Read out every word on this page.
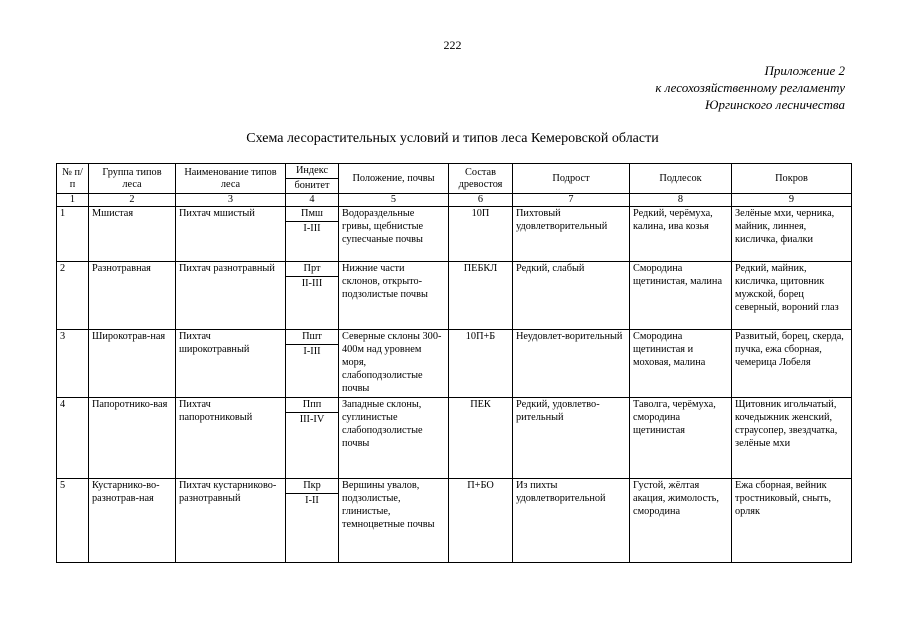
222
Приложение 2
к лесохозяйственному регламенту
Юргинского лесничества
Схема лесорастительных условий и типов леса Кемеровской области
№ п/п	Группа типов леса	Наименование типов леса	Индекс	Положение, почвы	Состав древостоя	Подрост	Подлесок	Покров
			бонитет					
1	2	3	4	5	6	7	8	9
1	Мшистая	Пихтач мшистый	Пмш	Водораздельные гривы, щебнистые супесчаные почвы	10П	Пихтовый удовлетворительный	Редкий, черёмуха, калина, ива козья	Зелёные мхи, черника, майник, линнея, кисличка, фиалки
			I-III					
2	Разнотравная	Пихтач разнотравный	Прт	Нижние части склонов, открыто-подзолистые почвы	ПЕБКЛ	Редкий, слабый	Смородина щетинистая, малина	Редкий, майник, кисличка, щитовник мужской, борец северный, вороний глаз
			II-III					
3	Широкотрав-ная	Пихтач широкотравный	Пшт	Северные склоны 300-400м над уровнем моря, слабоподзолистые почвы	10П+Б	Неудовлет-ворительный	Смородина щетинистая и моховая, малина	Развитый, борец, скерда, пучка, ежа сборная, чемерица Лобеля
			I-III					
4	Папоротнико-вая	Пихтач папоротниковый	Ппп	Западные склоны, суглинистые слабоподзолистые почвы	ПЕК	Редкий, удовлетво-рительный	Таволга, черёмуха, смородина щетинистая	Щитовник игольчатый, кочедыжник женский, страусопер, звездчатка, зелёные мхи
			III-IV					
5	Кустарнико-во-разнотрав-ная	Пихтач кустарниково-разнотравный	Пкр	Вершины увалов, подзолистые, глинистые, темноцветные почвы	П+БО	Из пихты удовлетворительной	Густой, жёлтая акация, жимолость, смородина	Ежа сборная, вейник тростниковый, сныть, орляк
			I-II					
